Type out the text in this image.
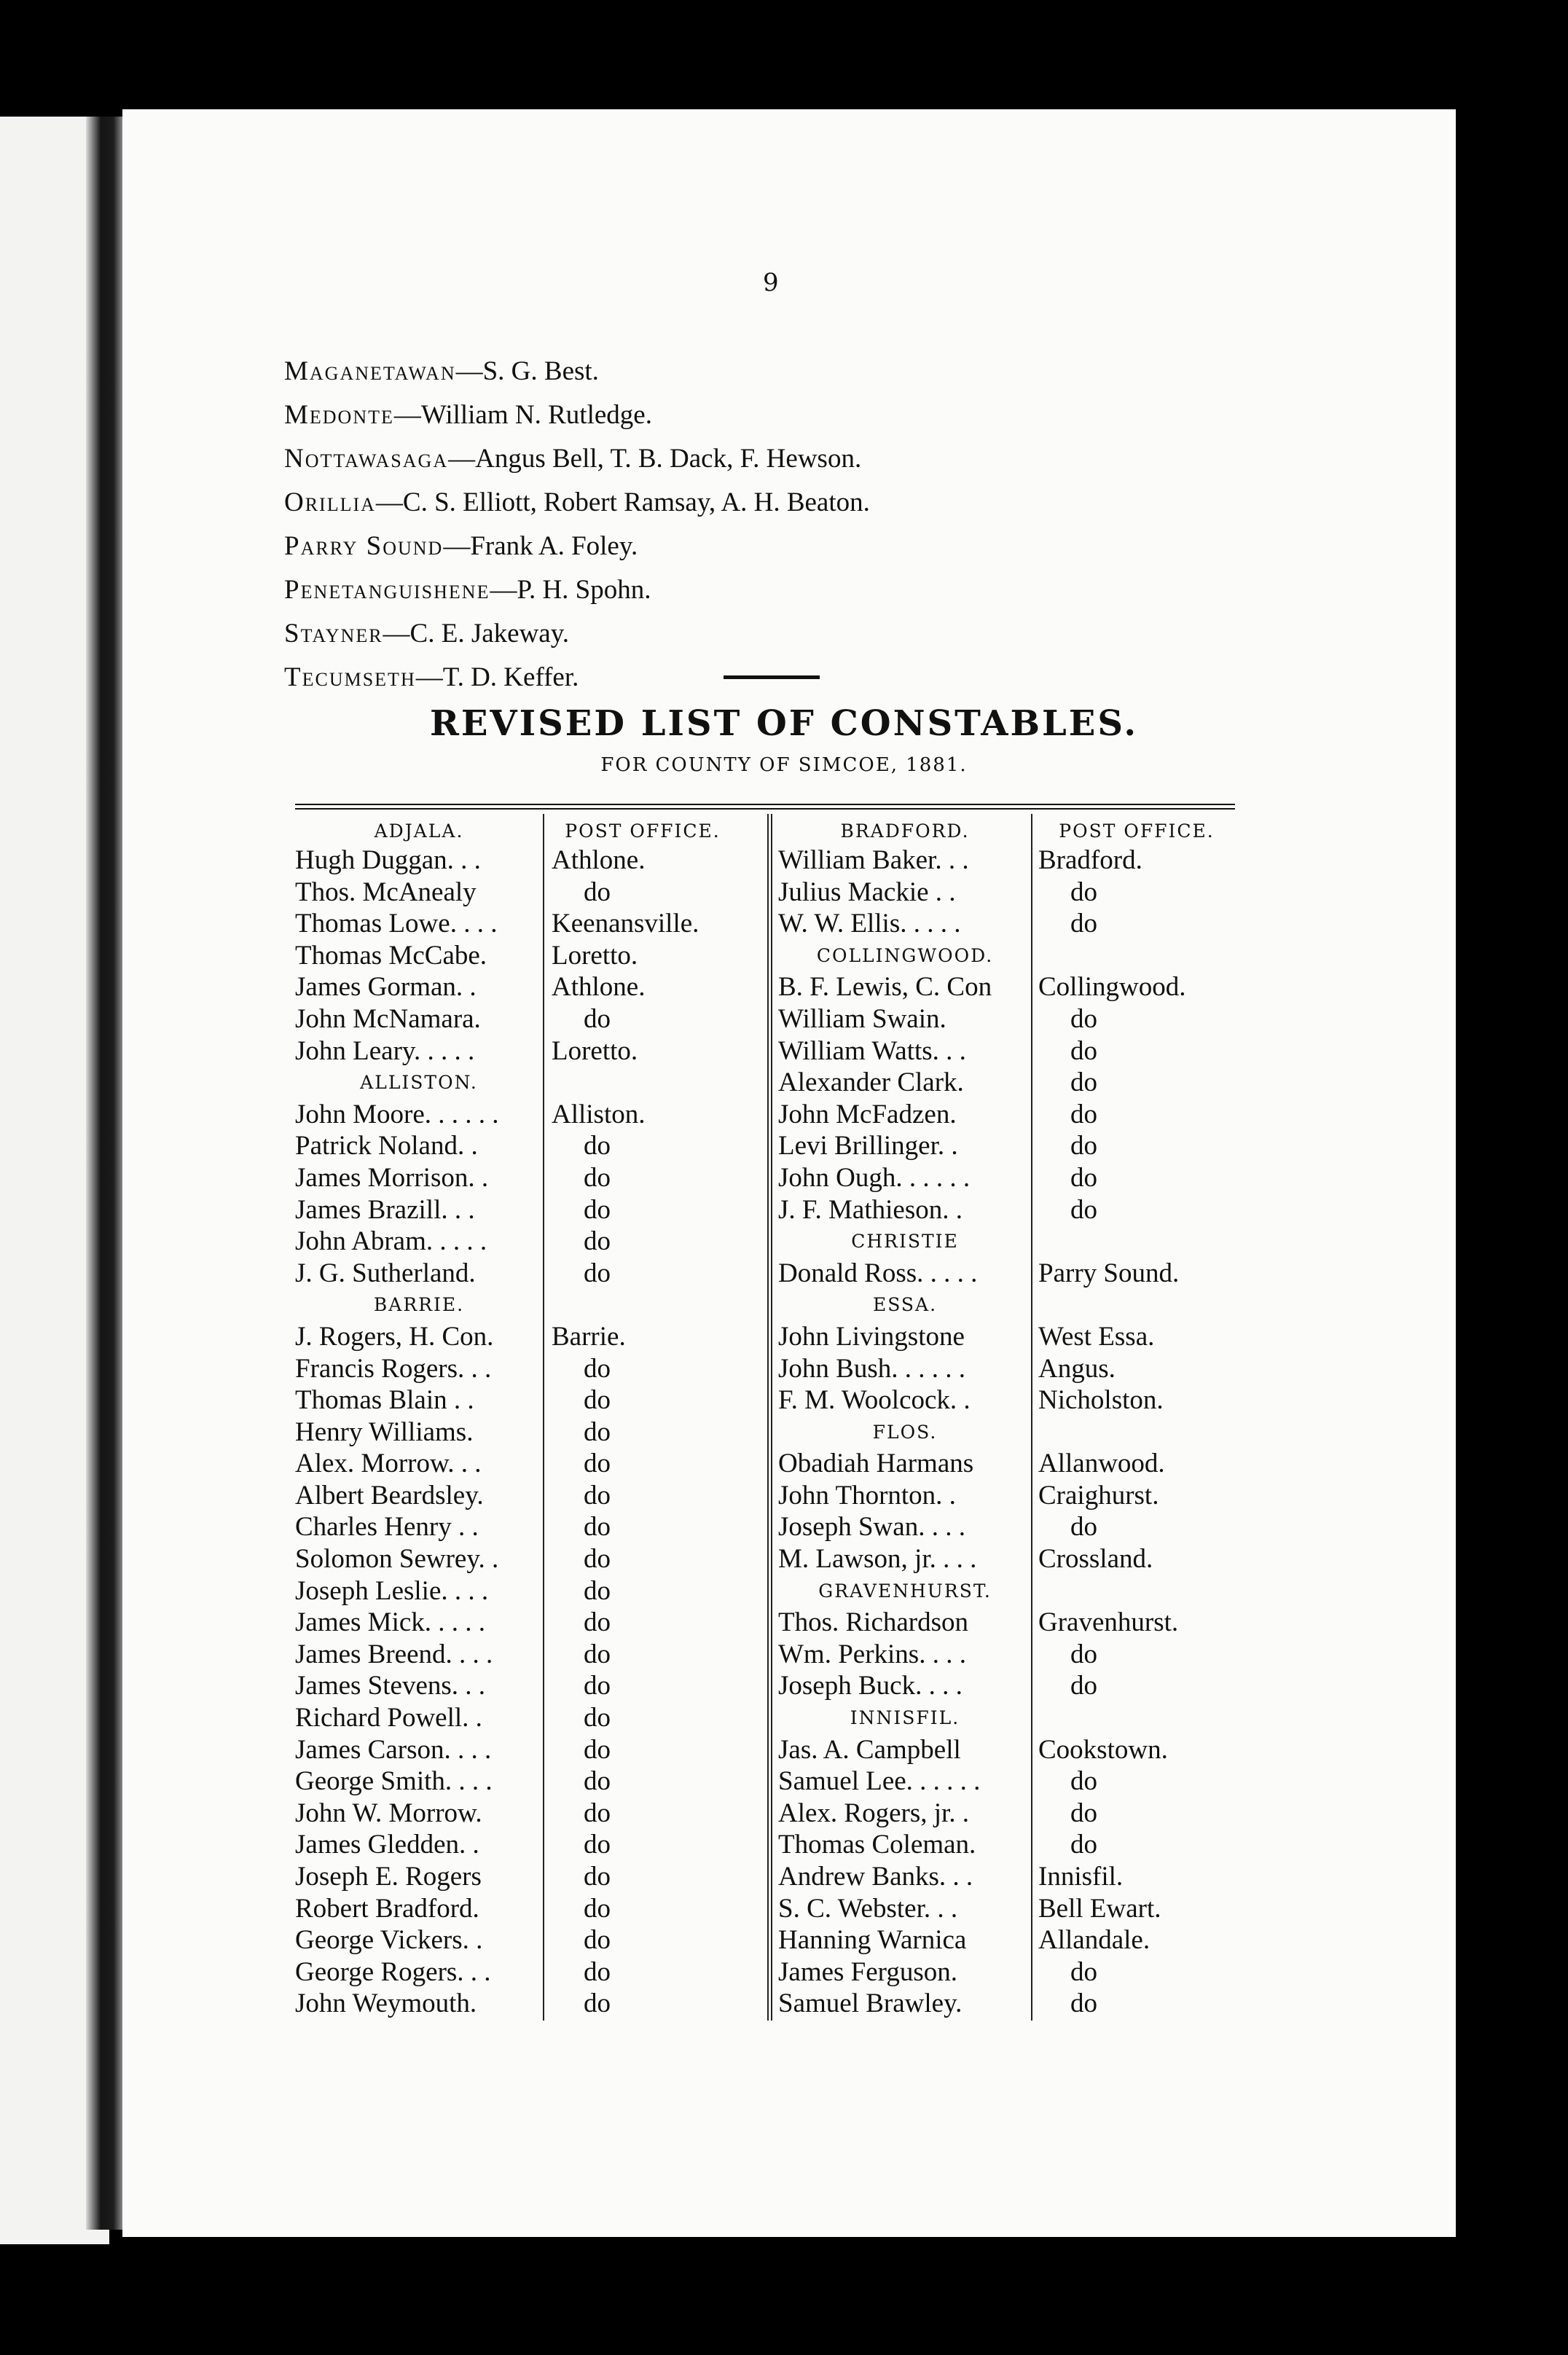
9
Maganetawan—S. G. Best.
Medonte—William N. Rutledge.
Nottawasaga—Angus Bell, T. B. Dack, F. Hewson.
Orillia—C. S. Elliott, Robert Ramsay, A. H. Beaton.
Parry Sound—Frank A. Foley.
Penetanguishene—P. H. Spohn.
Stayner—C. E. Jakeway.
Tecumseth—T. D. Keffer.
REVISED LIST OF CONSTABLES.
FOR COUNTY OF SIMCOE, 1881.
ADJALA.
Hugh Duggan. . .
Thos. McAnealy
Thomas Lowe. . . .
Thomas McCabe.
James Gorman. .
John McNamara.
John Leary. . . . .
ALLISTON.
John Moore. . . . . .
Patrick Noland. .
James Morrison. .
James Brazill. . .
John Abram. . . . .
J. G. Sutherland.
BARRIE.
J. Rogers, H. Con.
Francis Rogers. . .
Thomas Blain . .
Henry Williams.
Alex. Morrow. . .
Albert Beardsley.
Charles Henry . .
Solomon Sewrey. .
Joseph Leslie. . . .
James Mick. . . . .
James Breend. . . .
James Stevens. . .
Richard Powell. .
James Carson. . . .
George Smith. . . .
John W. Morrow.
James Gledden. .
Joseph E. Rogers
Robert Bradford.
George Vickers. .
George Rogers. . .
John Weymouth.
POST OFFICE.
Athlone.
do
Keenansville.
Loretto.
Athlone.
do
Loretto.
Alliston.
do
do
do
do
do
Barrie.
do
do
do
do
do
do
do
do
do
do
do
do
do
do
do
do
do
do
do
do
do
BRADFORD.
William Baker. . .
Julius Mackie . .
W. W. Ellis. . . . .
COLLINGWOOD.
B. F. Lewis, C. Con
William Swain.
William Watts. . .
Alexander Clark.
John McFadzen.
Levi Brillinger. .
John Ough. . . . . .
J. F. Mathieson. .
CHRISTIE
Donald Ross. . . . .
ESSA.
John Livingstone
John Bush. . . . . .
F. M. Woolcock. .
FLOS.
Obadiah Harmans
John Thornton. .
Joseph Swan. . . .
M. Lawson, jr. . . .
GRAVENHURST.
Thos. Richardson
Wm. Perkins. . . .
Joseph Buck. . . .
INNISFIL.
Jas. A. Campbell
Samuel Lee. . . . . .
Alex. Rogers, jr. .
Thomas Coleman.
Andrew Banks. . .
S. C. Webster. . .
Hanning Warnica
James Ferguson.
Samuel Brawley.
POST OFFICE.
Bradford.
do
do
Collingwood.
do
do
do
do
do
do
do
Parry Sound.
West Essa.
Angus.
Nicholston.
Allanwood.
Craighurst.
do
Crossland.
Gravenhurst.
do
do
Cookstown.
do
do
do
Innisfil.
Bell Ewart.
Allandale.
do
do
